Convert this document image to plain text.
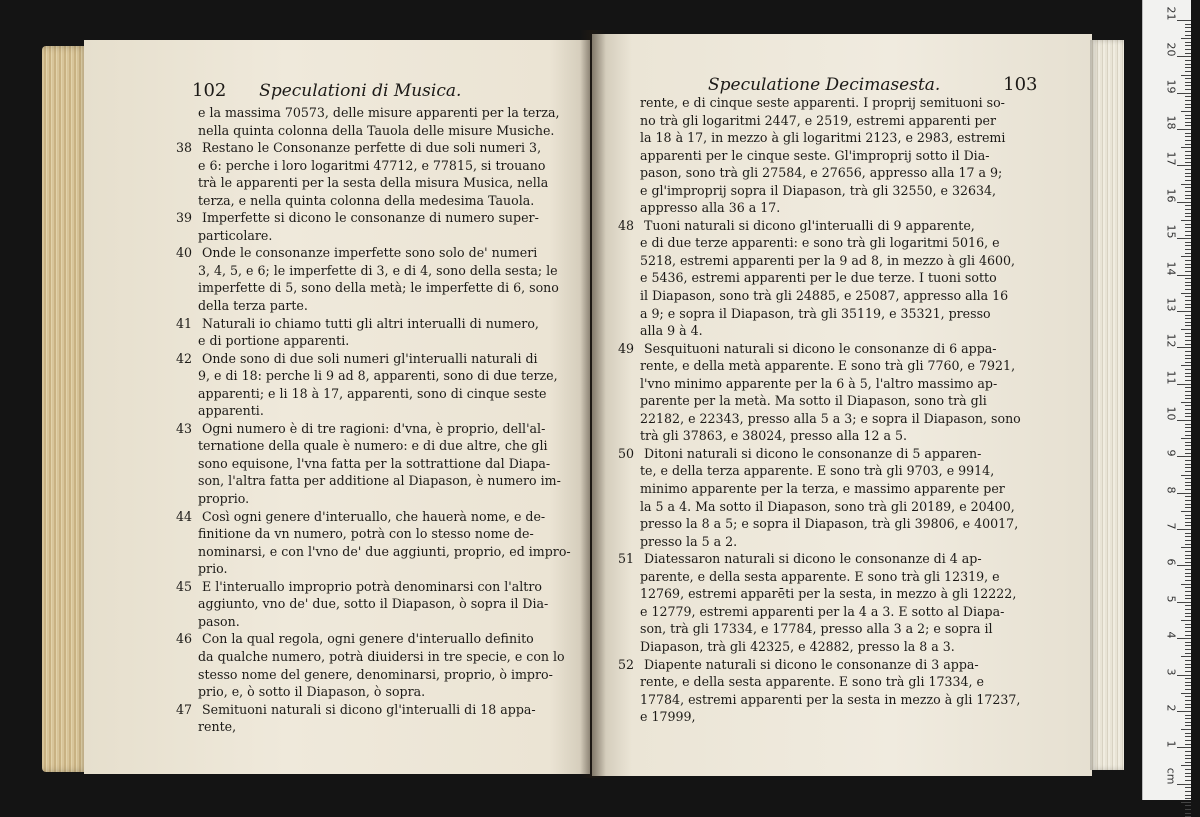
102 Speculationi di Musica.
e la massima 70573, delle misure apparenti per la terza,
nella quinta colonna della Tauola delle misure Musiche.
38 Restano le Consonanze perfette di due soli numeri 3,
e 6: perche i loro logaritmi 47712, e 77815, si trouano
trà le apparenti per la sesta della misura Musica, nella
terza, e nella quinta colonna della medesima Tauola.
39 Imperfette si dicono le consonanze di numero super-
particolare.
40 Onde le consonanze imperfette sono solo de' numeri
3, 4, 5, e 6; le imperfette di 3, e di 4, sono della sesta; le
imperfette di 5, sono della metà; le imperfette di 6, sono
della terza parte.
41 Naturali io chiamo tutti gli altri interualli di numero,
e di portione apparenti.
42 Onde sono di due soli numeri gl'interualli naturali di
9, e di 18: perche li 9 ad 8, apparenti, sono di due terze,
apparenti; e li 18 à 17, apparenti, sono di cinque seste
apparenti.
43 Ogni numero è di tre ragioni: d'vna, è proprio, dell'al-
ternatione della quale è numero: e di due altre, che gli
sono equisone, l'vna fatta per la sottrattione dal Diapa-
son, l'altra fatta per additione al Diapason, è numero im-
proprio.
44 Così ogni genere d'interuallo, che hauerà nome, e de-
finitione da vn numero, potrà con lo stesso nome de-
nominarsi, e con l'vno de' due aggiunti, proprio, ed impro-
prio.
45 E l'interuallo improprio potrà denominarsi con l'altro
aggiunto, vno de' due, sotto il Diapason, ò sopra il Dia-
pason.
46 Con la qual regola, ogni genere d'interuallo definito
da qualche numero, potrà diuidersi in tre specie, e con lo
stesso nome del genere, denominarsi, proprio, ò impro-
prio, e, ò sotto il Diapason, ò sopra.
47 Semituoni naturali si dicono gl'interualli di 18 appa-
rente,
Speculatione Decimasesta.	103
rente, e di cinque seste apparenti. I proprij semituoni so-
no trà gli logaritmi 2447, e 2519, estremi apparenti per
la 18 à 17, in mezzo à gli logaritmi 2123, e 2983, estremi
apparenti per le cinque seste. Gl'improprij sotto il Dia-
pason, sono trà gli 27584, e 27656, appresso alla 17 a 9;
e gl'improprij sopra il Diapason, trà gli 32550, e 32634,
appresso alla 36 a 17.
48 Tuoni naturali si dicono gl'interualli di 9 apparente,
e di due terze apparenti: e sono trà gli logaritmi 5016, e
5218, estremi apparenti per la 9 ad 8, in mezzo à gli 4600,
e 5436, estremi apparenti per le due terze. I tuoni sotto
il Diapason, sono trà gli 24885, e 25087, appresso alla 16
a 9; e sopra il Diapason, trà gli 35119, e 35321, presso
alla 9 à 4.
49 Sesquituoni naturali si dicono le consonanze di 6 appa-
rente, e della metà apparente. E sono trà gli 7760, e 7921,
l'vno minimo apparente per la 6 à 5, l'altro massimo ap-
parente per la metà. Ma sotto il Diapason, sono trà gli
22182, e 22343, presso alla 5 a 3; e sopra il Diapason, sono
trà gli 37863, e 38024, presso alla 12 a 5.
50 Ditoni naturali si dicono le consonanze di 5 apparen-
te, e della terza apparente. E sono trà gli 9703, e 9914,
minimo apparente per la terza, e massimo apparente per
la 5 a 4. Ma sotto il Diapason, sono trà gli 20189, e 20400,
presso la 8 a 5; e sopra il Diapason, trà gli 39806, e 40017,
presso la 5 a 2.
51 Diatessaron naturali si dicono le consonanze di 4 ap-
parente, e della sesta apparente. E sono trà gli 12319, e
12769, estremi apparēti per la sesta, in mezzo à gli 12222,
e 12779, estremi apparenti per la 4 a 3. E sotto al Diapa-
son, trà gli 17334, e 17784, presso alla 3 a 2; e sopra il
Diapason, trà gli 42325, e 42882, presso la 8 a 3.
52 Diapente naturali si dicono le consonanze di 3 appa-
rente, e della sesta apparente. E sono trà gli 17334, e
17784, estremi apparenti per la sesta in mezzo à gli 17237,
e 17999,
21
20
19
18
17
16
15
14
13
12
11
10
9
8
7
6
5
4
3
2
1
cm
